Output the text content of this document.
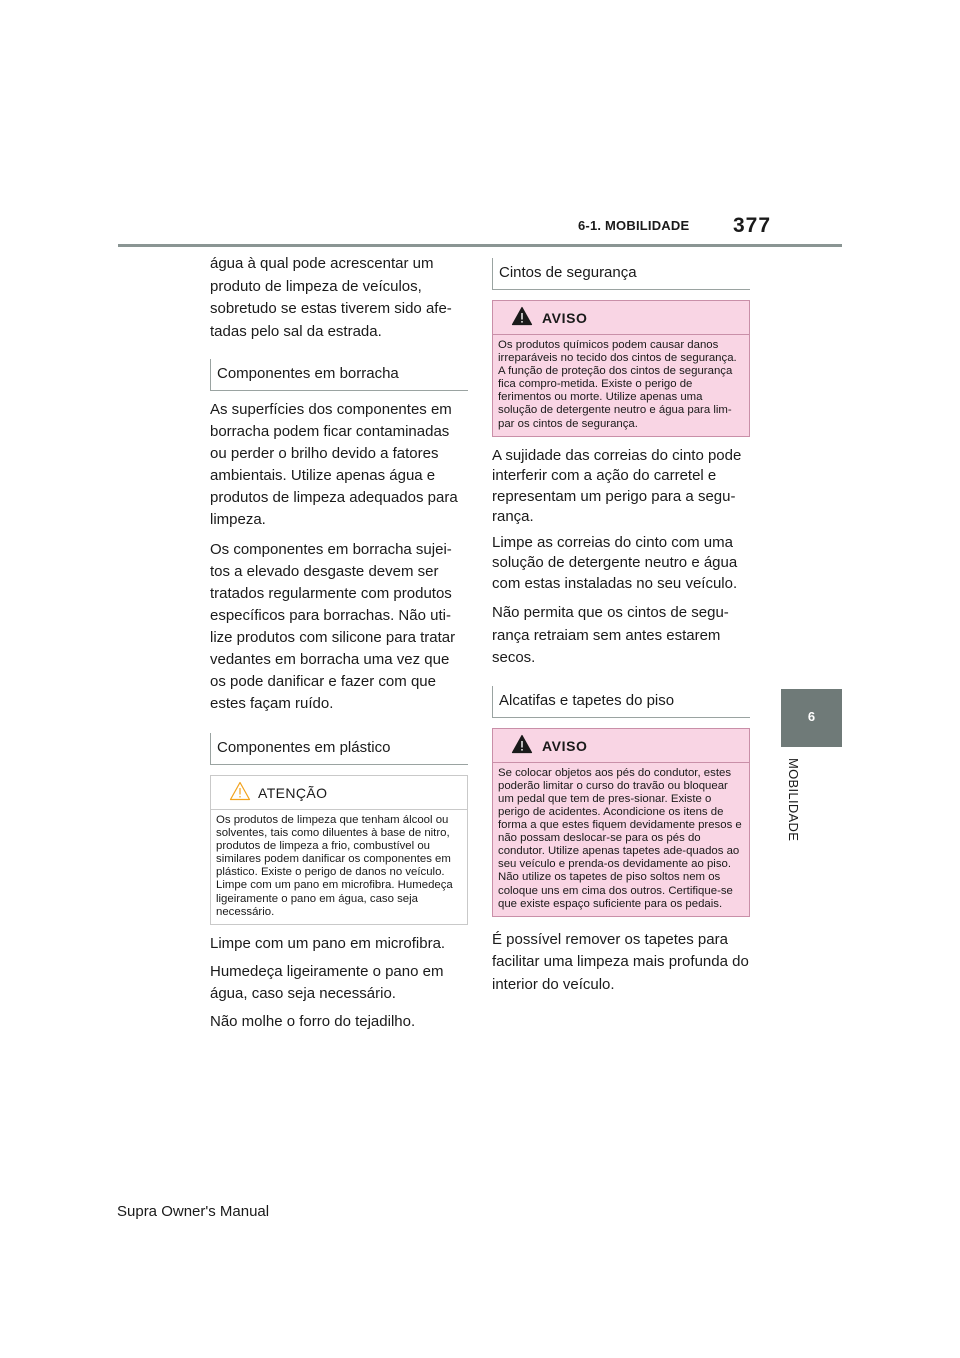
6-1. MOBILIDADE 377
6
MOBILIDADE

água à qual pode acrescentar um produto de limpeza de veículos, sobretudo se estas tiverem sido afe-tadas pelo sal da estrada.

Componentes em borracha

As superfícies dos componentes em borracha podem ficar contaminadas ou perder o brilho devido a fatores ambientais. Utilize apenas água e produtos de limpeza adequados para limpeza.

Os componentes em borracha sujei-tos a elevado desgaste devem ser tratados regularmente com produtos específicos para borrachas. Não uti-lize produtos com silicone para tratar vedantes em borracha uma vez que os pode danificar e fazer com que estes façam ruído.

Componentes em plástico
ATENÇÃO
Os produtos de limpeza que tenham álcool ou solventes, tais como diluentes à base de nitro, produtos de limpeza a frio, combustível ou similares podem danificar os componentes em plástico. Existe o perigo de danos no veículo. Limpe com um pano em microfibra. Humedeça ligeiramente o pano em água, caso seja necessário.

Limpe com um pano em microfibra.

Humedeça ligeiramente o pano em água, caso seja necessário.

Não molhe o forro do tejadilho.

Cintos de segurança
AVISO
Os produtos químicos podem causar danos irreparáveis no tecido dos cintos de segurança. A função de proteção dos cintos de segurança fica compro-metida. Existe o perigo de ferimentos ou morte. Utilize apenas uma solução de detergente neutro e água para lim-par os cintos de segurança.

A sujidade das correias do cinto pode interferir com a ação do carretel e representam um perigo para a segu-rança.

Limpe as correias do cinto com uma solução de detergente neutro e água com estas instaladas no seu veículo.

Não permita que os cintos de segu-rança retraiam sem antes estarem secos.

Alcatifas e tapetes do piso
AVISO
Se colocar objetos aos pés do condutor, estes poderão limitar o curso do travão ou bloquear um pedal que tem de pres-sionar. Existe o perigo de acidentes. Acondicione os itens de forma a que estes fiquem devidamente presos e não possam deslocar-se para os pés do condutor. Utilize apenas tapetes ade-quados ao seu veículo e prenda-os devidamente ao piso. Não utilize os tapetes de piso soltos nem os coloque uns em cima dos outros. Certifique-se que existe espaço suficiente para os pedais.

É possível remover os tapetes para facilitar uma limpeza mais profunda do interior do veículo.

Supra Owner's Manual
